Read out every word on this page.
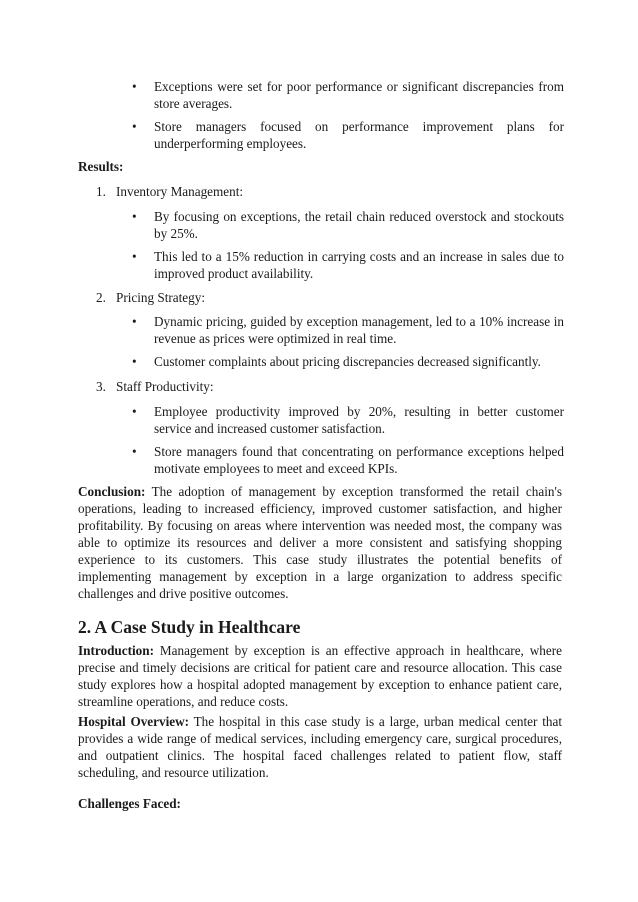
•	Exceptions were set for poor performance or significant discrepancies from store averages.
•	Store managers focused on performance improvement plans for underperforming employees.
Results:
1. Inventory Management:
•	By focusing on exceptions, the retail chain reduced overstock and stockouts by 25%.
•	This led to a 15% reduction in carrying costs and an increase in sales due to improved product availability.
2. Pricing Strategy:
•	Dynamic pricing, guided by exception management, led to a 10% increase in revenue as prices were optimized in real time.
•	Customer complaints about pricing discrepancies decreased significantly.
3. Staff Productivity:
•	Employee productivity improved by 20%, resulting in better customer service and increased customer satisfaction.
•	Store managers found that concentrating on performance exceptions helped motivate employees to meet and exceed KPIs.
Conclusion: The adoption of management by exception transformed the retail chain's operations, leading to increased efficiency, improved customer satisfaction, and higher profitability. By focusing on areas where intervention was needed most, the company was able to optimize its resources and deliver a more consistent and satisfying shopping experience to its customers. This case study illustrates the potential benefits of implementing management by exception in a large organization to address specific challenges and drive positive outcomes.
2. A Case Study in Healthcare
Introduction: Management by exception is an effective approach in healthcare, where precise and timely decisions are critical for patient care and resource allocation. This case study explores how a hospital adopted management by exception to enhance patient care, streamline operations, and reduce costs.
Hospital Overview: The hospital in this case study is a large, urban medical center that provides a wide range of medical services, including emergency care, surgical procedures, and outpatient clinics. The hospital faced challenges related to patient flow, staff scheduling, and resource utilization.
Challenges Faced:
